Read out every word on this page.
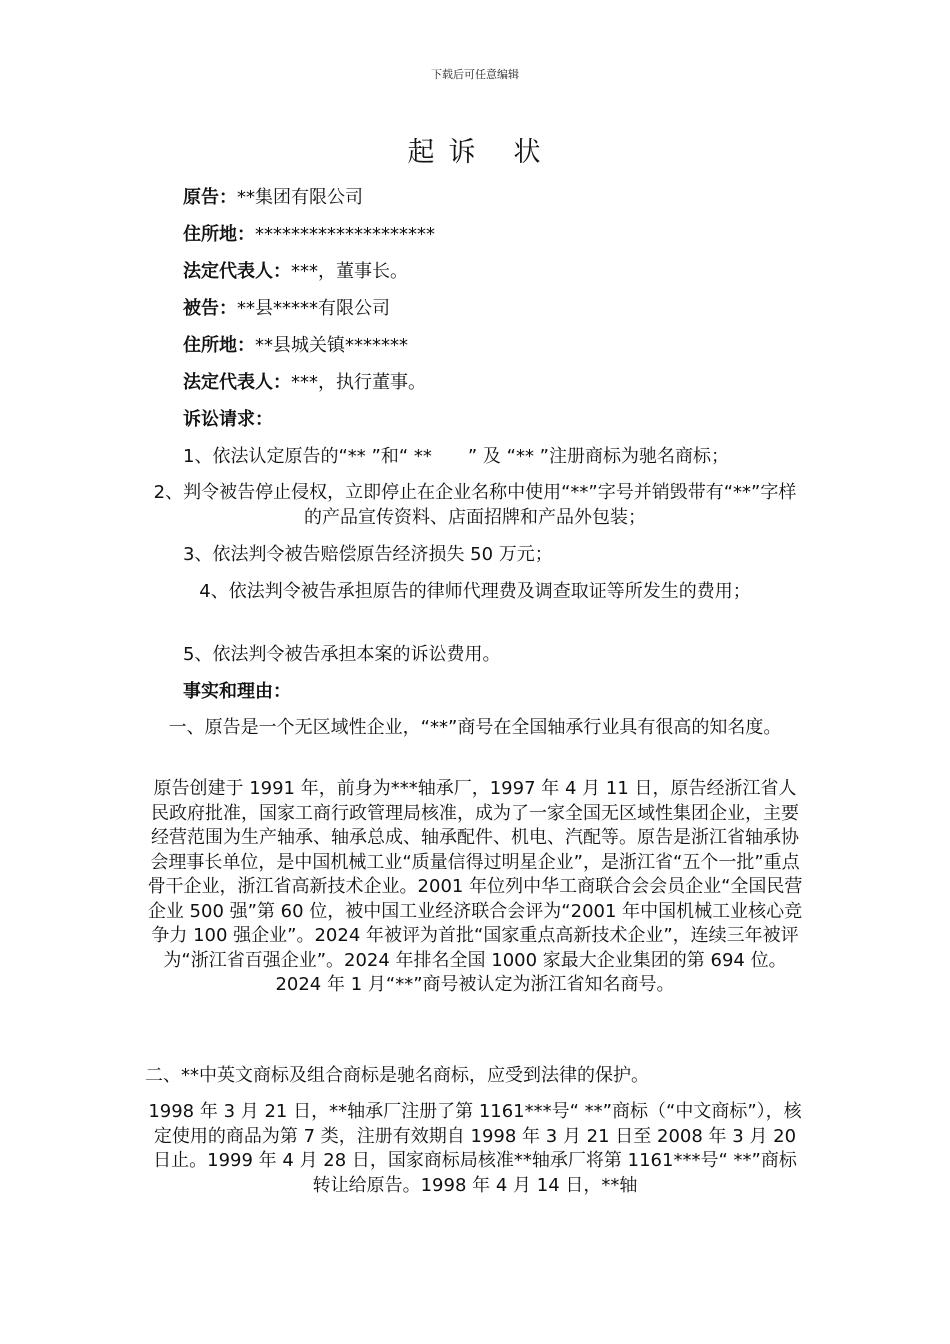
下载后可任意编辑
起 诉 状
原告：**集团有限公司
住所地：********************
法定代表人：***，董事长。
被告：**县*****有限公司
住所地：**县城关镇*******
法定代表人：***，执行董事。
诉讼请求：
1、依法认定原告的“** ”和“ **　　” 及 “** ”注册商标为驰名商标；
2、判令被告停止侵权，立即停止在企业名称中使用“**”字号并销毁带有“**”字样的产品宣传资料、店面招牌和产品外包装；
3、依法判令被告赔偿原告经济损失 50 万元；
4、依法判令被告承担原告的律师代理费及调查取证等所发生的费用；
5、依法判令被告承担本案的诉讼费用。
事实和理由：
一、原告是一个无区域性企业，“**”商号在全国轴承行业具有很高的知名度。
原告创建于 1991 年，前身为***轴承厂，1997 年 4 月 11 日，原告经浙江省人民政府批准，国家工商行政管理局核准，成为了一家全国无区域性集团企业，主要经营范围为生产轴承、轴承总成、轴承配件、机电、汽配等。原告是浙江省轴承协会理事长单位，是中国机械工业“质量信得过明星企业”，是浙江省“五个一批”重点骨干企业，浙江省高新技术企业。2001 年位列中华工商联合会会员企业“全国民营企业 500 强”第 60 位，被中国工业经济联合会评为“2001 年中国机械工业核心竞争力 100 强企业”。2024 年被评为首批“国家重点高新技术企业”，连续三年被评为“浙江省百强企业”。2024 年排名全国 1000 家最大企业集团的第 694 位。2024 年 1 月“**”商号被认定为浙江省知名商号。
二、**中英文商标及组合商标是驰名商标，应受到法律的保护。
1998 年 3 月 21 日，**轴承厂注册了第 1161***号“ **”商标（“中文商标”），核定使用的商品为第 7 类，注册有效期自 1998 年 3 月 21 日至 2008 年 3 月 20 日止。1999 年 4 月 28 日，国家商标局核准**轴承厂将第 1161***号“ **”商标转让给原告。1998 年 4 月 14 日，**轴
